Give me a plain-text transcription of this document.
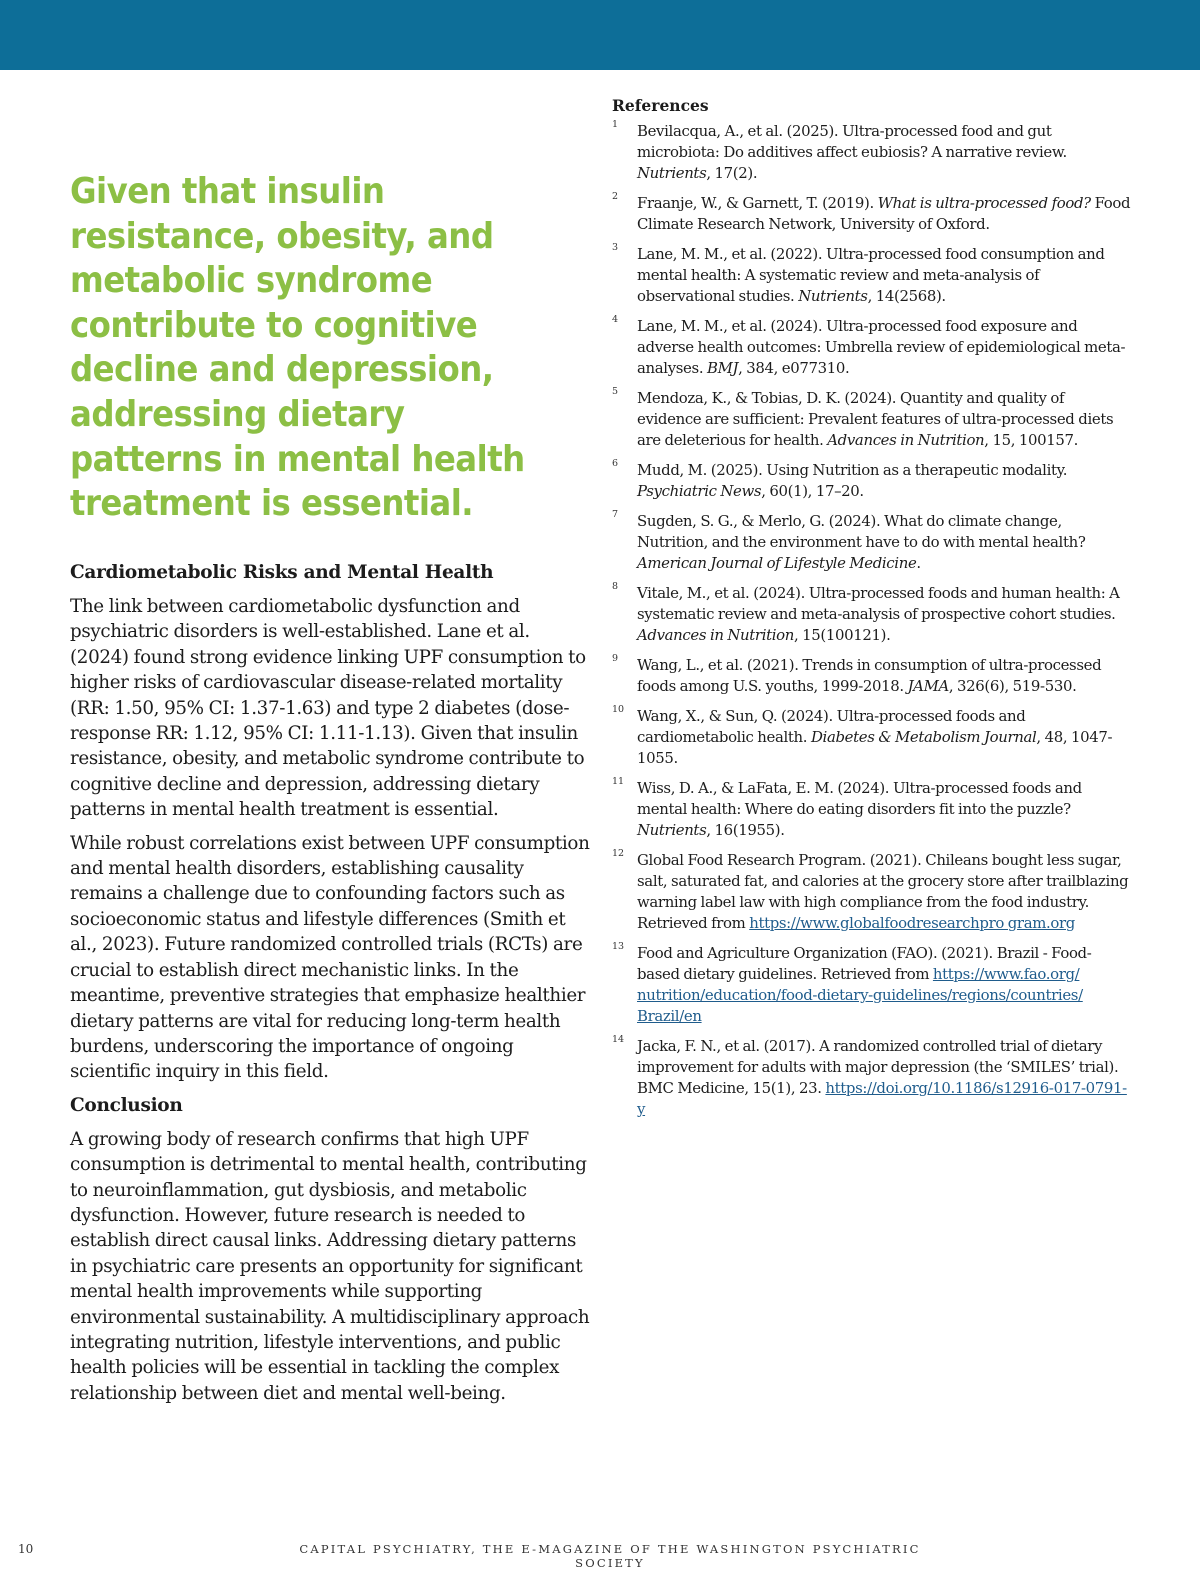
Given that insulin resistance, obesity, and metabolic syndrome contribute to cognitive decline and depression, addressing dietary patterns in mental health treatment is essential.
Cardiometabolic Risks and Mental Health

The link between cardiometabolic dysfunction and psychiatric disorders is well-established. Lane et al. (2024) found strong evidence linking UPF consumption to higher risks of cardiovascular disease-related mortality (RR: 1.50, 95% CI: 1.37-1.63) and type 2 diabetes (dose-response RR: 1.12, 95% CI: 1.11-1.13). Given that insulin resistance, obesity, and metabolic syndrome contribute to cognitive decline and depression, addressing dietary patterns in mental health treatment is essential.

While robust correlations exist between UPF consumption and mental health disorders, establishing causality remains a challenge due to confounding factors such as socioeconomic status and lifestyle differences (Smith et al., 2023). Future randomized controlled trials (RCTs) are crucial to establish direct mechanistic links. In the meantime, preventive strategies that emphasize healthier dietary patterns are vital for reducing long-term health burdens, underscoring the importance of ongoing scientific inquiry in this field.

Conclusion

A growing body of research confirms that high UPF consumption is detrimental to mental health, contributing to neuroinflammation, gut dysbiosis, and metabolic dysfunction. However, future research is needed to establish direct causal links. Addressing dietary patterns in psychiatric care presents an opportunity for significant mental health improvements while supporting environmental sustainability. A multidisciplinary approach integrating nutrition, lifestyle interventions, and public health policies will be essential in tackling the complex relationship between diet and mental well-being.

References
1 Bevilacqua, A., et al. (2025). Ultra-processed food and gut microbiota: Do additives affect eubiosis? A narrative review. Nutrients, 17(2).
2 Fraanje, W., & Garnett, T. (2019). What is ultra-processed food? Food Climate Research Network, University of Oxford.
3 Lane, M. M., et al. (2022). Ultra-processed food consumption and mental health: A systematic review and meta-analysis of observational studies. Nutrients, 14(2568).
4 Lane, M. M., et al. (2024). Ultra-processed food exposure and adverse health outcomes: Umbrella review of epidemiological meta-analyses. BMJ, 384, e077310.
5 Mendoza, K., & Tobias, D. K. (2024). Quantity and quality of evidence are sufficient: Prevalent features of ultra-processed diets are deleterious for health. Advances in Nutrition, 15, 100157.
6 Mudd, M. (2025). Using Nutrition as a therapeutic modality. Psychiatric News, 60(1), 17–20.
7 Sugden, S. G., & Merlo, G. (2024). What do climate change, Nutrition, and the environment have to do with mental health? American Journal of Lifestyle Medicine.
8 Vitale, M., et al. (2024). Ultra-processed foods and human health: A systematic review and meta-analysis of prospective cohort studies. Advances in Nutrition, 15(100121).
9 Wang, L., et al. (2021). Trends in consumption of ultra-processed foods among U.S. youths, 1999-2018. JAMA, 326(6), 519-530.
10 Wang, X., & Sun, Q. (2024). Ultra-processed foods and cardiometabolic health. Diabetes & Metabolism Journal, 48, 1047-1055.
11 Wiss, D. A., & LaFata, E. M. (2024). Ultra-processed foods and mental health: Where do eating disorders fit into the puzzle? Nutrients, 16(1955).
12 Global Food Research Program. (2021). Chileans bought less sugar, salt, saturated fat, and calories at the grocery store after trailblazing warning label law with high compliance from the food industry. Retrieved from https://www.globalfoodresearchpro gram.org
13 Food and Agriculture Organization (FAO). (2021). Brazil - Food-based dietary guidelines. Retrieved from https://www.fao.org/ nutrition/education/food-dietary-guidelines/regions/countries/ Brazil/en
14 Jacka, F. N., et al. (2017). A randomized controlled trial of dietary improvement for adults with major depression (the ‘SMILES’ trial). BMC Medicine, 15(1), 23. https://doi.org/10.1186/s12916-017-0791-y
10	CAPITAL PSYCHIATRY, THE E-MAGAZINE OF THE WASHINGTON PSYCHIATRIC SOCIETY
